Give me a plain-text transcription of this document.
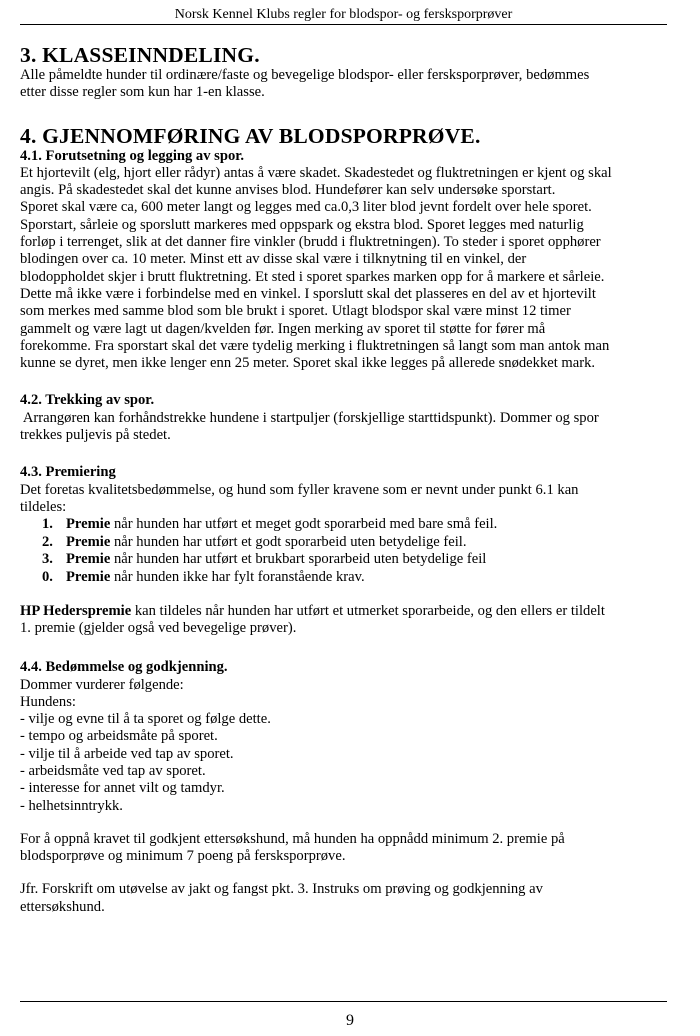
Norsk Kennel Klubs regler for blodspor- og fersksporprøver
3. KLASSEINNDELING.

Alle påmeldte hunder til ordinære/faste og bevegelige blodspor- eller fersksporprøver, bedømmes

etter disse regler som kun har 1-en klasse.

4. GJENNOMFØRING AV BLODSPORPRØVE.
4.1. Forutsetning og legging av spor.

Et hjortevilt (elg, hjort eller rådyr) antas å være skadet. Skadestedet og fluktretningen er kjent og skal

angis. På skadestedet skal det kunne anvises blod. Hundefører kan selv undersøke sporstart.

Sporet skal være ca, 600 meter langt og legges med ca.0,3 liter blod jevnt fordelt over hele sporet.

Sporstart, sårleie og sporslutt markeres med oppspark og ekstra blod. Sporet legges med naturlig

forløp i terrenget, slik at det danner fire vinkler (brudd i fluktretningen). To steder i sporet opphører

blodingen over ca. 10 meter. Minst ett av disse skal være i tilknytning til en vinkel, der

blodoppholdet skjer i brutt fluktretning. Et sted i sporet sparkes marken opp for å markere et sårleie.

Dette må ikke være i forbindelse med en vinkel. I sporslutt skal det plasseres en del av et hjortevilt

som merkes med samme blod som ble brukt i sporet. Utlagt blodspor skal være minst 12 timer

gammelt og være lagt ut dagen/kvelden før. Ingen merking av sporet til støtte for fører må

forekomme. Fra sporstart skal det være tydelig merking i fluktretningen så langt som man antok man

kunne se dyret, men ikke lenger enn 25 meter. Sporet skal ikke legges på allerede snødekket mark.

4.2. Trekking av spor.

Arrangøren kan forhåndstrekke hundene i startpuljer (forskjellige starttidspunkt). Dommer og spor

trekkes puljevis på stedet.

4.3. Premiering

Det foretas kvalitetsbedømmelse, og hund som fyller kravene som er nevnt under punkt 6.1 kan

tildeles:

1. Premie når hunden har utført et meget godt sporarbeid med bare små feil.
2. Premie når hunden har utført et godt sporarbeid uten betydelige feil.
3. Premie når hunden har utført et brukbart sporarbeid uten betydelige feil
0. Premie når hunden ikke har fylt foranstående krav.

HP Hederspremie kan tildeles når hunden har utført et utmerket sporarbeide, og den ellers er tildelt

1. premie (gjelder også ved bevegelige prøver).

4.4. Bedømmelse og godkjenning.

Dommer vurderer følgende:

Hundens:

- vilje og evne til å ta sporet og følge dette.

- tempo og arbeidsmåte på sporet.

- vilje til å arbeide ved tap av sporet.

- arbeidsmåte ved tap av sporet.

- interesse for annet vilt og tamdyr.

- helhetsinntrykk.

For å oppnå kravet til godkjent ettersøkshund, må hunden ha oppnådd minimum 2. premie på

blodsporprøve og minimum 7 poeng på fersksporprøve.

Jfr. Forskrift om utøvelse av jakt og fangst pkt. 3. Instruks om prøving og godkjenning av

ettersøkshund.

9
